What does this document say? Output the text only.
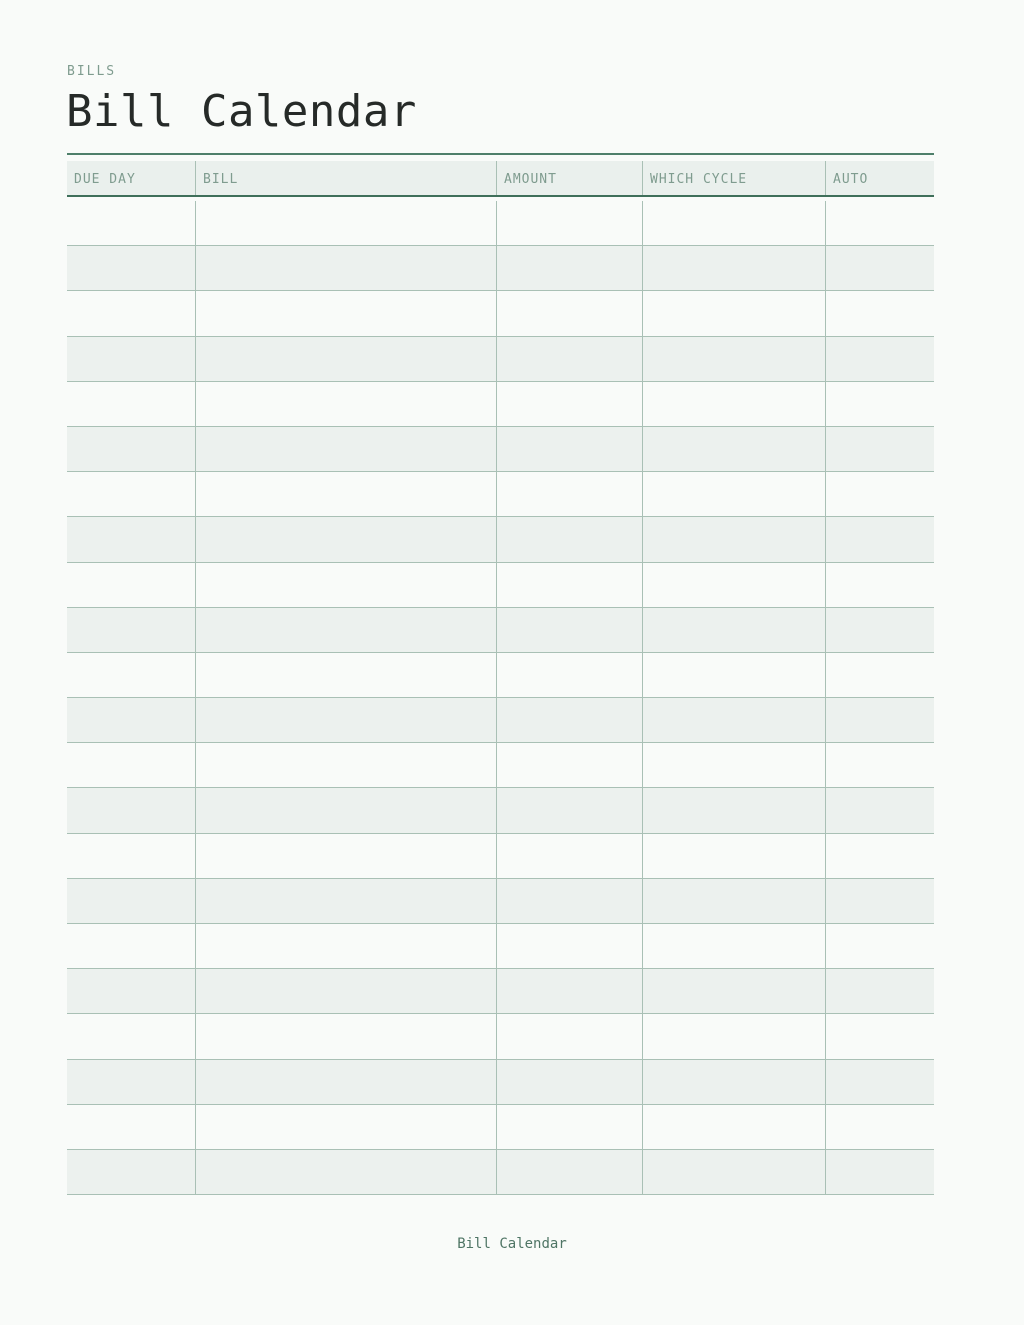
BILLS
Bill Calendar
DUE DAY	BILL	AMOUNT	WHICH CYCLE	AUTO
Bill Calendar
